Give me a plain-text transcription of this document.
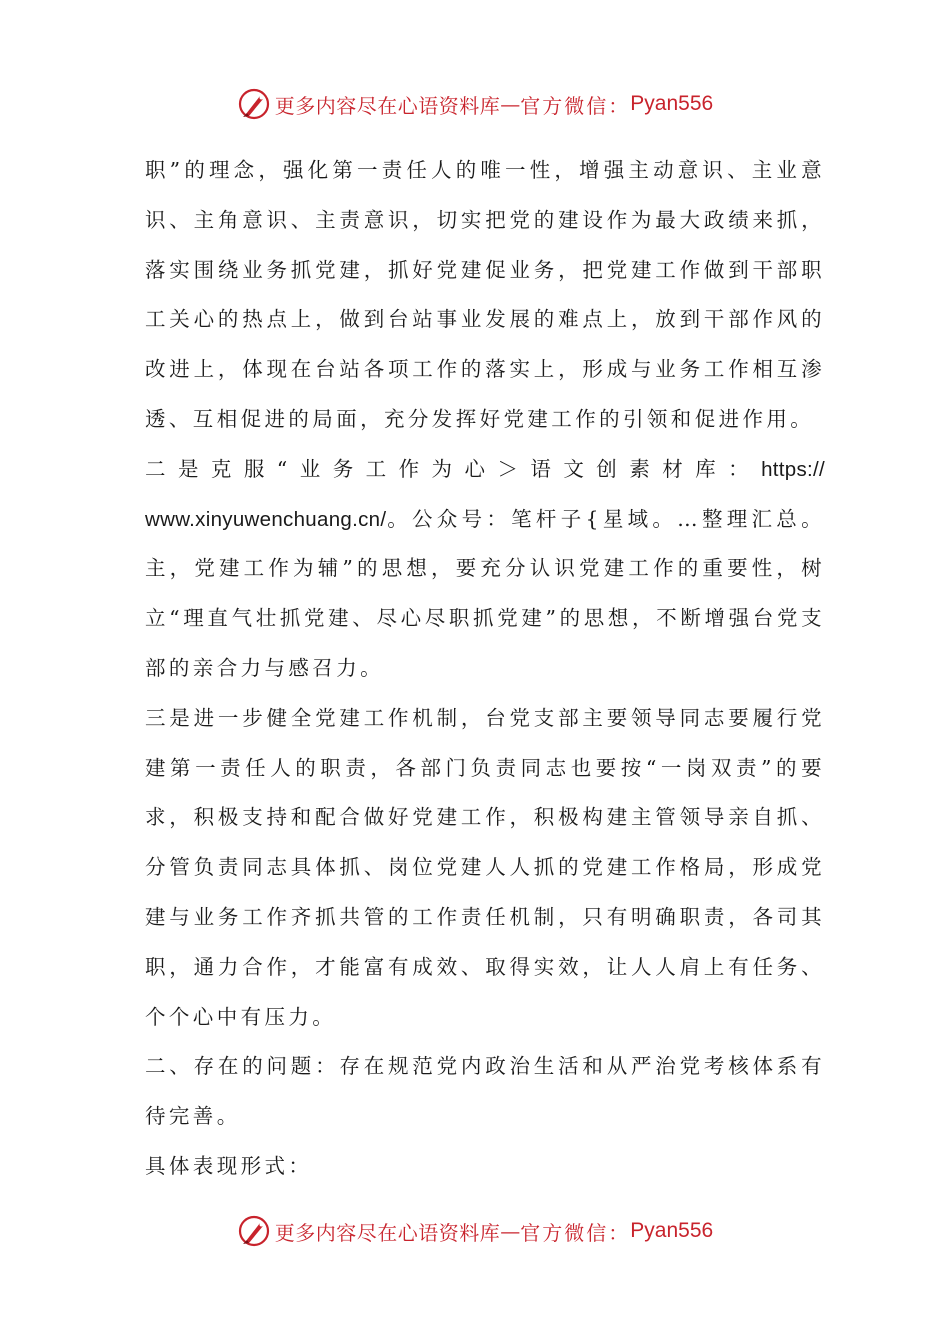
更多内容尽在心语资料库 — 官方微信： Pyan556

职”的理念，强化第一责任人的唯一性，增强主动意识、主业意识、主角意识、主责意识，切实把党的建设作为最大政绩来抓，落实围绕业务抓党建，抓好党建促业务，把党建工作做到干部职工关心的热点上，做到台站事业发展的难点上，放到干部作风的改进上，体现在台站各项工作的落实上，形成与业务工作相互渗透、互相促进的局面，充分发挥好党建工作的引领和促进作用。

二是克服“业务工作为心＞语文创素材库：https://

www.xinyuwenchuang.cn/。公众号：笔杆子{星域。…整理汇总。主，党建工作为辅”的思想，要充分认识党建工作的重要性，树立“理直气壮抓党建、尽心尽职抓党建”的思想，不断增强台党支部的亲合力与感召力。

三是进一步健全党建工作机制，台党支部主要领导同志要履行党建第一责任人的职责，各部门负责同志也要按“一岗双责”的要求，积极支持和配合做好党建工作，积极构建主管领导亲自抓、分管负责同志具体抓、岗位党建人人抓的党建工作格局，形成党建与业务工作齐抓共管的工作责任机制，只有明确职责，各司其职，通力合作，才能富有成效、取得实效，让人人肩上有任务、个个心中有压力。

二、存在的问题：存在规范党内政治生活和从严治党考核体系有待完善。

具体表现形式：

更多内容尽在心语资料库 — 官方微信： Pyan556
